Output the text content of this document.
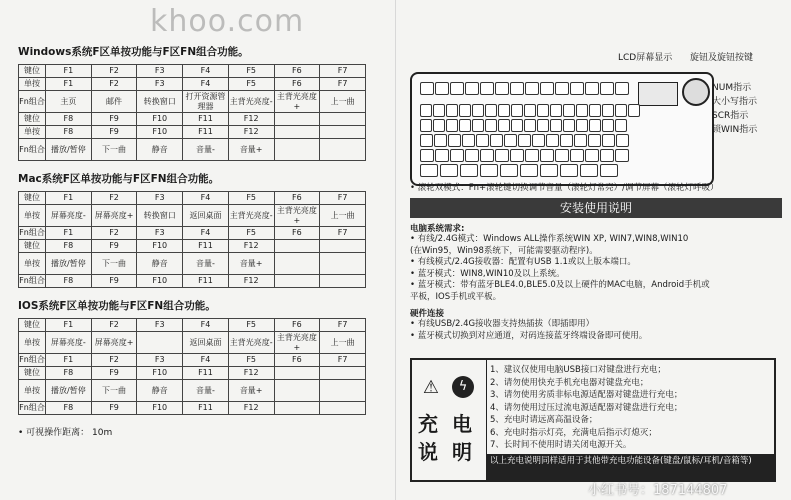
khoo.com
Windows系统F区单按功能与F区FN组合功能。
键位	F1	F2	F3	F4	F5	F6	F7
单按	F1	F2	F3	F4	F5	F6	F7
Fn组合	主页	邮件	转换窗口	打开资源管理器	主背光亮度-	主背光亮度+	上一曲
键位	F8	F9	F10	F11	F12		
单按	F8	F9	F10	F11	F12		
Fn组合	播放/暂停	下一曲	静音	音量-	音量+		
Mac系统F区单按功能与F区FN组合功能。
键位	F1	F2	F3	F4	F5	F6	F7
单按	屏幕亮度-	屏幕亮度+	转换窗口	返回桌面	主背光亮度-	主背光亮度+	上一曲
Fn组合	F1	F2	F3	F4	F5	F6	F7
键位	F8	F9	F10	F11	F12		
单按	播放/暂停	下一曲	静音	音量-	音量+		
Fn组合	F8	F9	F10	F11	F12		
IOS系统F区单按功能与F区FN组合功能。
键位	F1	F2	F3	F4	F5	F6	F7
单按	屏幕亮度-	屏幕亮度+		返回桌面	主背光亮度-	主背光亮度+	上一曲
Fn组合	F1	F2	F3	F4	F5	F6	F7
键位	F8	F9	F10	F11	F12		
单按	播放/暂停	下一曲	静音	音量-	音量+		
Fn组合	F8	F9	F10	F11	F12		
• 可视操作距离： 10m
LCD屏幕显示 旋钮及旋钮按键
NUM指示
大小写指示
SCR指示
锁WIN指示

• 滚轮双模式：Fn+滚轮键切换调节音量（滚轮灯常亮）/调节屏幕（滚轮灯呼吸）

安装使用说明

电脑系统需求:

• 有线/2.4G模式：Windows ALL操作系统WIN XP, WIN7,WIN8,WIN10

(在Win95，Win98系统下，可能需要驱动程序)。

• 有线模式/2.4G接收器：配置有USB 1.1或以上版本端口。

• 蓝牙模式：WIN8,WIN10及以上系统。

• 蓝牙模式：带有蓝牙BLE4.0,BLE5.0及以上硬件的MAC电脑，Android手机或

平板，IOS手机或平板。

硬件连接

• 有线USB/2.4G接收器支持热插拔（即插即用）

• 蓝牙模式切换到对应通道，对码连接蓝牙终端设备即可使用。

⚠	ϟ
充 电
说 明

1、建议仅使用电脑USB接口对键盘进行充电；

2、请勿使用快充手机充电器对键盘充电；

3、请勿使用劣质非标电源适配器对键盘进行充电；

4、请勿使用过压过流电源适配器对键盘进行充电；

5、充电时请远离高温设备；

6、充电时指示灯亮，充满电后指示灯熄灭；

7、长时间不使用时请关闭电源开关。

以上充电说明同样适用于其他带充电功能设备(键盘/鼠标/耳机/音箱等)
小红书号：187144807
